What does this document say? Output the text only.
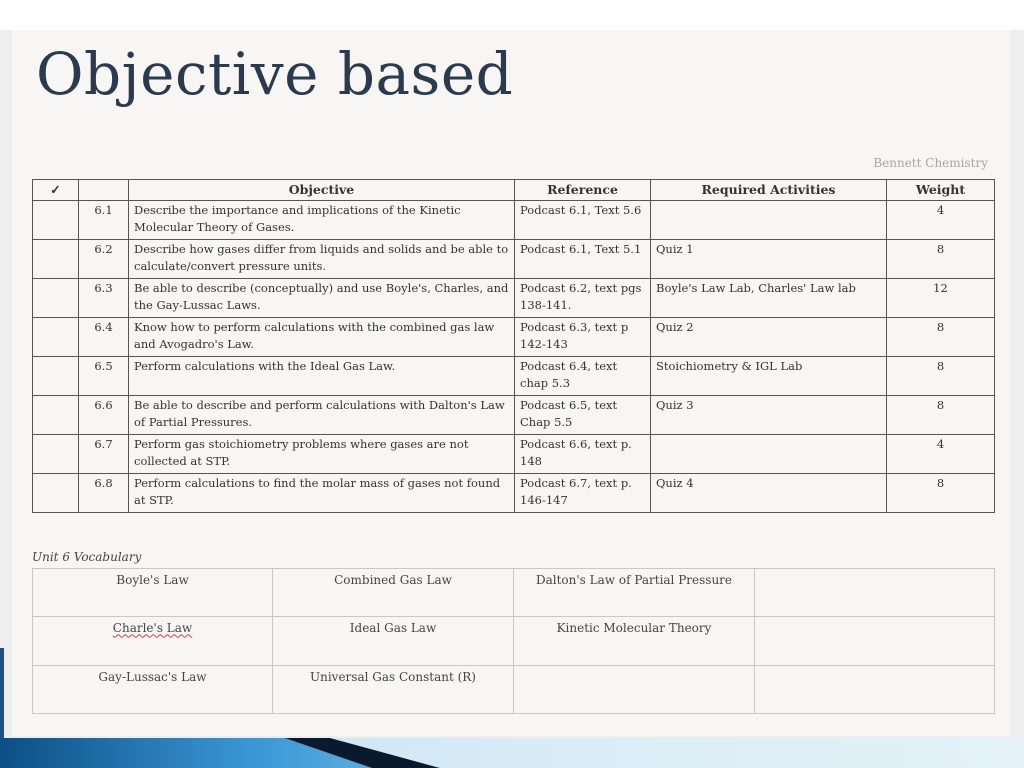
Objective based
Bennett Chemistry
✓		Objective	Reference	Required Activities	Weight
	6.1	Describe the importance and implications of the Kinetic Molecular Theory of Gases.	Podcast 6.1, Text 5.6		4
	6.2	Describe how gases differ from liquids and solids and be able to calculate/convert pressure units.	Podcast 6.1, Text 5.1	Quiz 1	8
	6.3	Be able to describe (conceptually) and use Boyle's, Charles, and the Gay-Lussac Laws.	Podcast 6.2, text pgs 138-141.	Boyle's Law Lab, Charles' Law lab	12
	6.4	Know how to perform calculations with the combined gas law and Avogadro's Law.	Podcast 6.3, text p 142-143	Quiz 2	8
	6.5	Perform calculations with the Ideal Gas Law.	Podcast 6.4, text chap 5.3	Stoichiometry & IGL Lab	8
	6.6	Be able to describe and perform calculations with Dalton's Law of Partial Pressures.	Podcast 6.5, text Chap 5.5	Quiz 3	8
	6.7	Perform gas stoichiometry problems where gases are not collected at STP.	Podcast 6.6, text p. 148		4
	6.8	Perform calculations to find the molar mass of gases not found at STP.	Podcast 6.7, text p. 146-147	Quiz 4	8
Unit 6 Vocabulary
Boyle's Law	Combined Gas Law	Dalton's Law of Partial Pressure	
Charle's Law	Ideal Gas Law	Kinetic Molecular Theory	
Gay-Lussac's Law	Universal Gas Constant (R)		
